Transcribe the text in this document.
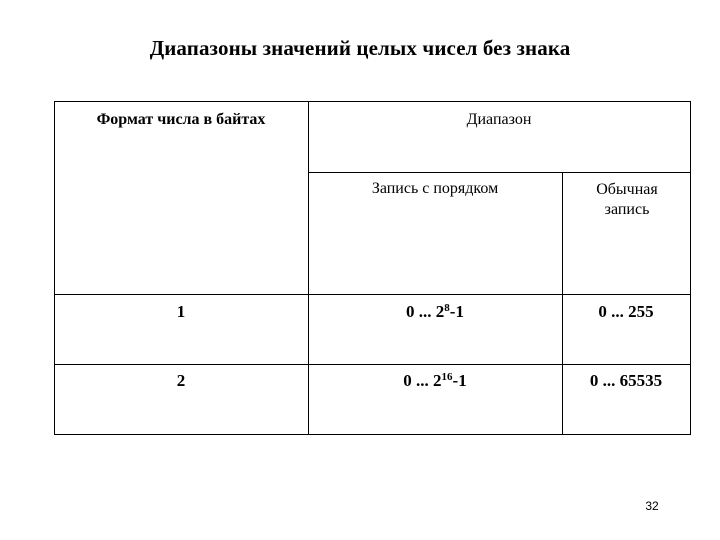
Диапазоны значений целых чисел без знака
Формат числа в байтах	Диапазон
Запись с порядком	Обычная запись
1	0 ... $2^8-1$	0 ... 255
2	0 ... $2^{16}-1$	0 ... 65535
32
